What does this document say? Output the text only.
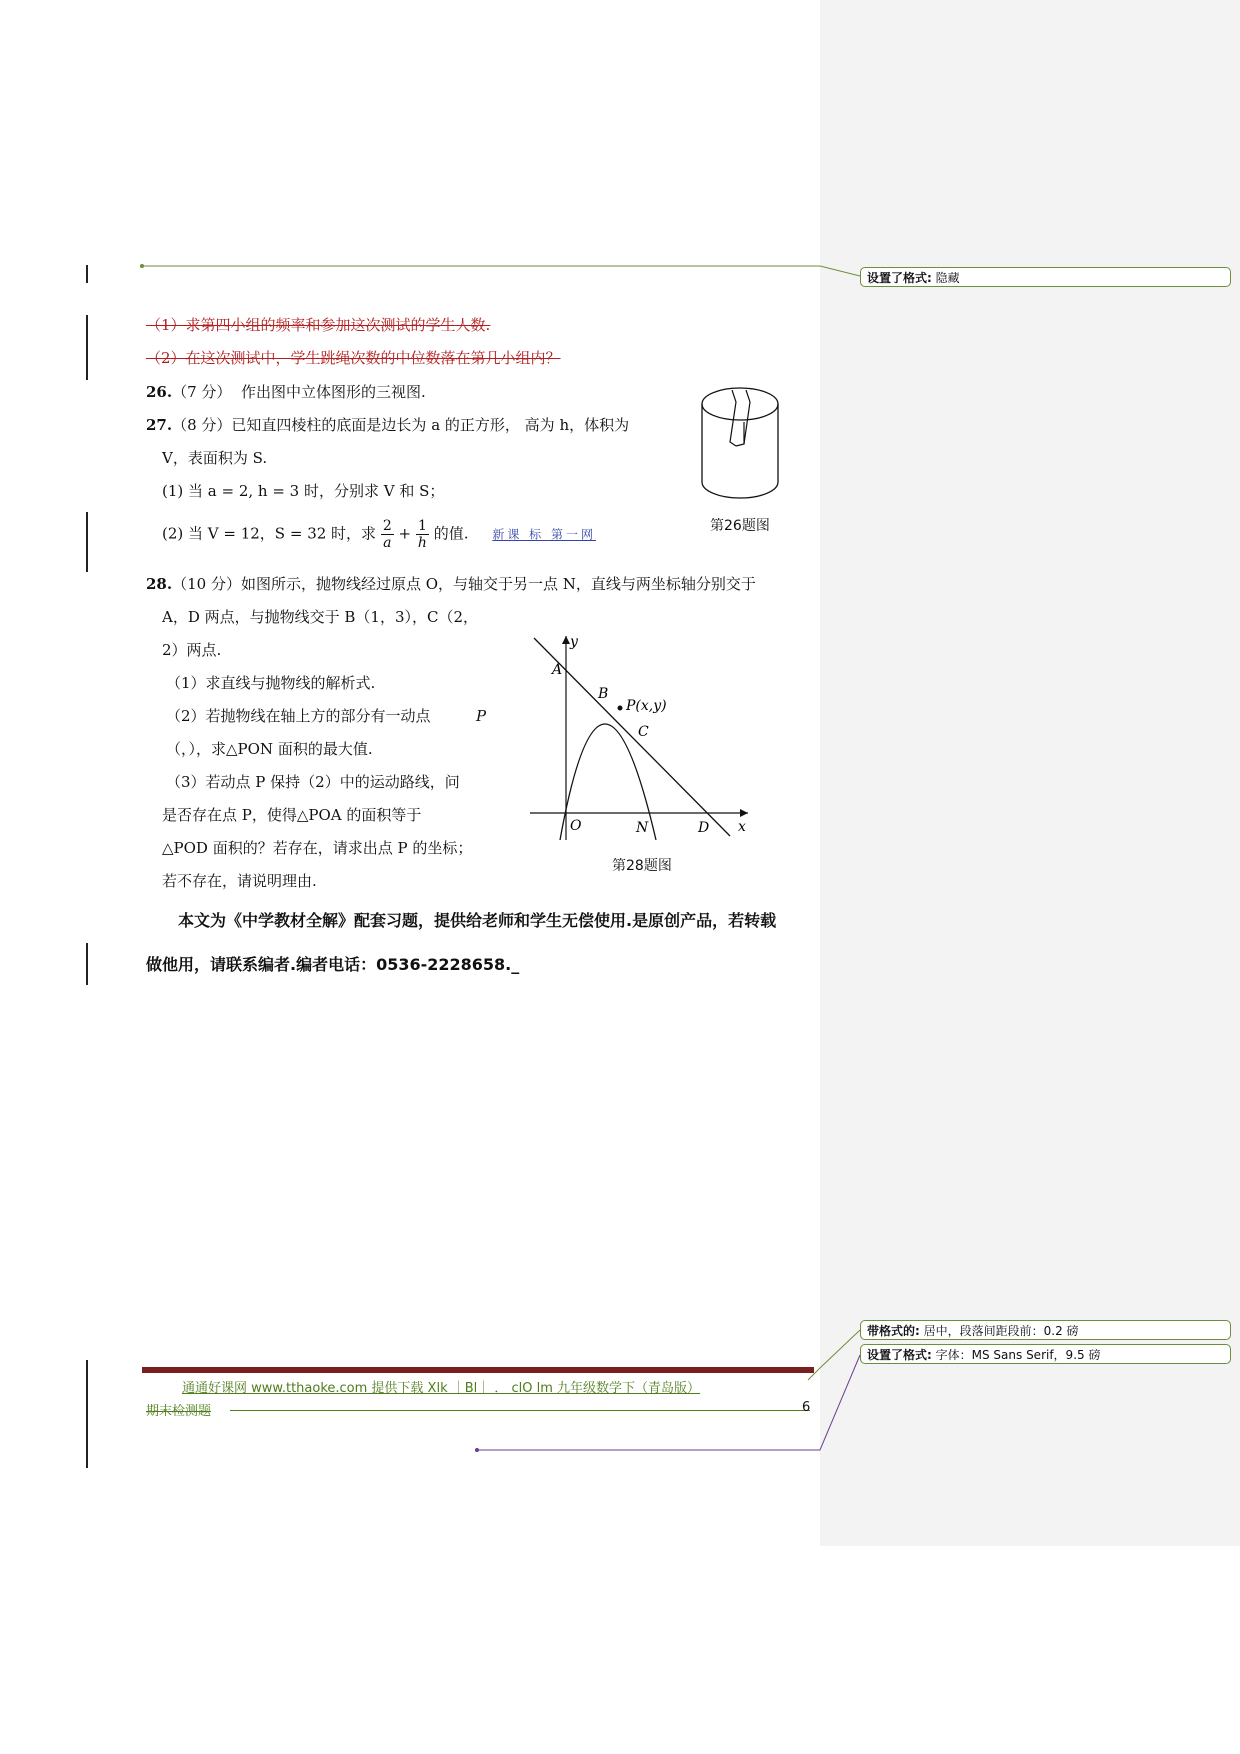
设置了格式: 隐藏
带格式的: 居中，段落间距段前：0.2 磅
设置了格式: 字体：MS Sans Serif，9.5 磅
（1）求第四小组的频率和参加这次测试的学生人数.
（2）在这次测试中，学生跳绳次数的中位数落在第几小组内？
26.（7 分） 作出图中立体图形的三视图.
27.（8 分）已知直四棱柱的底面是边长为 a 的正方形， 高为 h，体积为
V，表面积为 S.
(1) 当 a = 2, h = 3 时，分别求 V 和 S；
(2) 当 V = 12，S = 32 时，求 $\frac{2}{a} + \frac{1}{h}$ 的值. 新课 标 第一网
第26题图
28.（10 分）如图所示，抛物线经过原点 O，与轴交于另一点 N，直线与两坐标轴分别交于
A，D 两点，与抛物线交于 B（1，3），C（2，
2）两点.
（1）求直线与抛物线的解析式.
（2）若抛物线在轴上方的部分有一动点	P
（，），求△PON 面积的最大值.
（3）若动点 P 保持（2）中的运动路线，问
是否存在点 P，使得△POA 的面积等于
△POD 面积的？若存在，请求出点 P 的坐标；
若不存在，请说明理由.
y
x
A
B
P(x,y)
C
O	N	D
第28题图
本文为《中学教材全解》配套习题，提供给老师和学生无偿使用.是原创产品，若转载
做他用，请联系编者.编者电话：0536-2228658._
通通好课网 www.tthaoke.com 提供下载 Xlk ｜Bl｜ ． clO lm 九年级数学下（青岛版）
期末检测题	6
